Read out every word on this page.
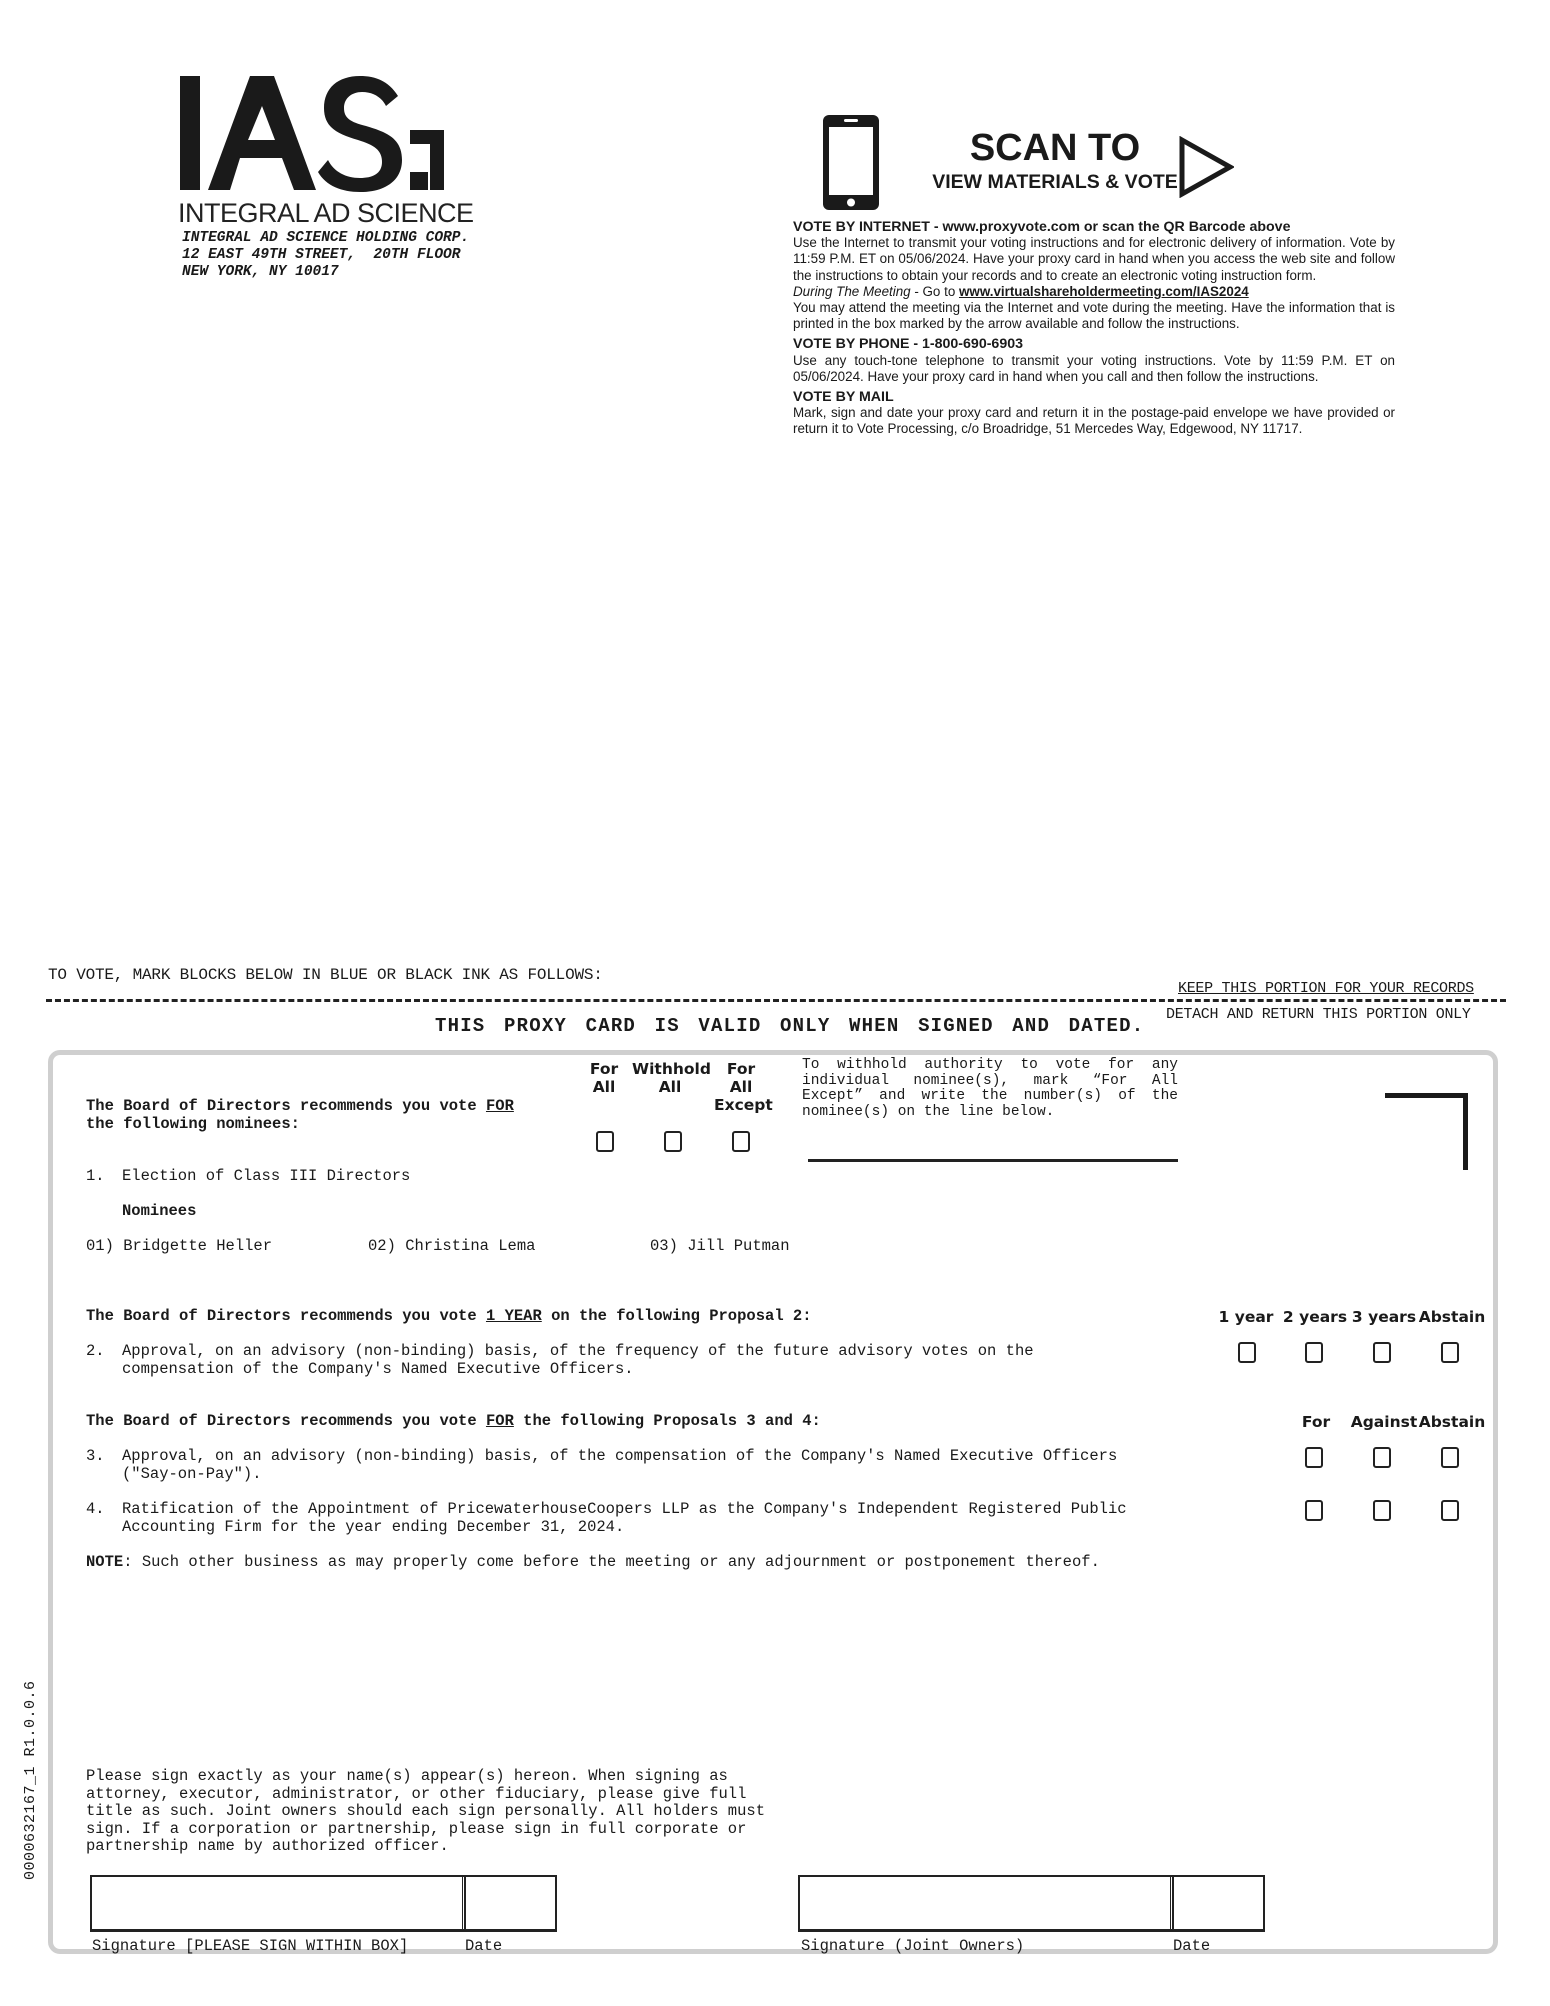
INTEGRAL AD SCIENCE
INTEGRAL AD SCIENCE HOLDING CORP.
12 EAST 49TH STREET,  20TH FLOOR
NEW YORK, NY 10017
SCAN TO
VIEW MATERIALS & VOTE
VOTE BY INTERNET - www.proxyvote.com or scan the QR Barcode above
Use the Internet to transmit your voting instructions and for electronic delivery of information. Vote by 11:59 P.M. ET on 05/06/2024. Have your proxy card in hand when you access the web site and follow the instructions to obtain your records and to create an electronic voting instruction form.
During The Meeting - Go to www.virtualshareholdermeeting.com/IAS2024
You may attend the meeting via the Internet and vote during the meeting. Have the information that is printed in the box marked by the arrow available and follow the instructions.
VOTE BY PHONE - 1-800-690-6903
Use any touch-tone telephone to transmit your voting instructions. Vote by 11:59 P.M. ET on 05/06/2024. Have your proxy card in hand when you call and then follow the instructions.
VOTE BY MAIL
Mark, sign and date your proxy card and return it in the postage-paid envelope we have provided or return it to Vote Processing, c/o Broadridge, 51 Mercedes Way, Edgewood, NY 11717.
TO VOTE, MARK BLOCKS BELOW IN BLUE OR BLACK INK AS FOLLOWS:
KEEP THIS PORTION FOR YOUR RECORDS
DETACH AND RETURN THIS PORTION ONLY
THIS PROXY CARD IS VALID ONLY WHEN SIGNED AND DATED.
The Board of Directors recommends you vote FOR
the following nominees:
For All
Withhold All
For All Except
To withhold authority to vote for any individual nominee(s), mark “For All Except” and write the number(s) of the nominee(s) on the line below.
1. Election of Class III Directors
Nominees
01) Bridgette Heller	02) Christina Lema	03) Jill Putman
The Board of Directors recommends you vote 1 YEAR on the following Proposal 2:	1 year 2 years 3 years Abstain
2. Approval, on an advisory (non-binding) basis, of the frequency of the future advisory votes on the
compensation of the Company's Named Executive Officers.
The Board of Directors recommends you vote FOR the following Proposals 3 and 4:	For	Against Abstain
3. Approval, on an advisory (non-binding) basis, of the compensation of the Company's Named Executive Officers
("Say-on-Pay").
4. Ratification of the Appointment of PricewaterhouseCoopers LLP as the Company's Independent Registered Public
Accounting Firm for the year ending December 31, 2024.
NOTE: Such other business as may properly come before the meeting or any adjournment or postponement thereof.
Please sign exactly as your name(s) appear(s) hereon. When signing as
attorney, executor, administrator, or other fiduciary, please give full
title as such. Joint owners should each sign personally. All holders must
sign. If a corporation or partnership, please sign in full corporate or
partnership name by authorized officer.
Signature [PLEASE SIGN WITHIN BOX]	Date	Signature (Joint Owners)	Date
0000632167_1 R1.0.0.6
